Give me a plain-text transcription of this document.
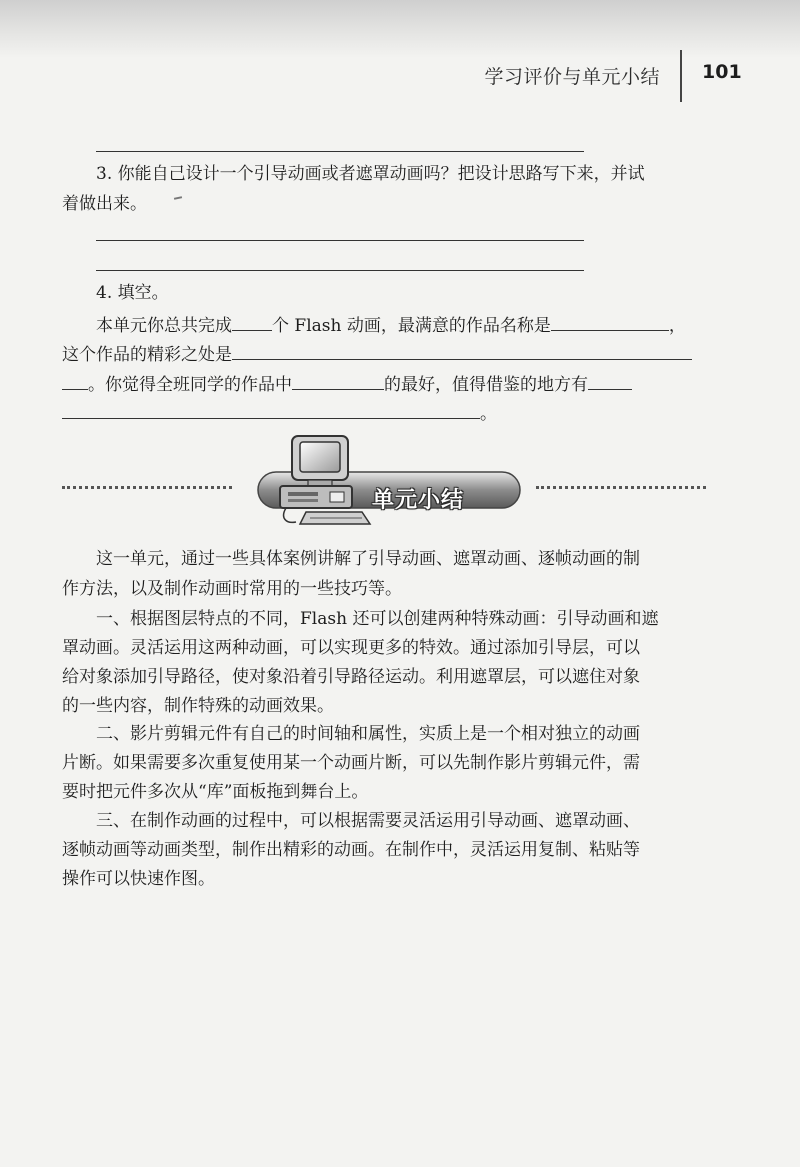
学习评价与单元小结 101
3. 你能自己设计一个引导动画或者遮罩动画吗？把设计思路写下来，并试
着做出来。
4. 填空。
本单元你总共完成 个 Flash 动画，最满意的作品名称是	，
这个作品的精彩之处是
。你觉得全班同学的作品中	的最好，值得借鉴的地方有
。
单元小结
这一单元，通过一些具体案例讲解了引导动画、遮罩动画、逐帧动画的制
作方法，以及制作动画时常用的一些技巧等。
一、根据图层特点的不同，Flash 还可以创建两种特殊动画：引导动画和遮
罩动画。灵活运用这两种动画，可以实现更多的特效。通过添加引导层，可以
给对象添加引导路径，使对象沿着引导路径运动。利用遮罩层，可以遮住对象
的一些内容，制作特殊的动画效果。
二、影片剪辑元件有自己的时间轴和属性，实质上是一个相对独立的动画
片断。如果需要多次重复使用某一个动画片断，可以先制作影片剪辑元件，需
要时把元件多次从“库”面板拖到舞台上。
三、在制作动画的过程中，可以根据需要灵活运用引导动画、遮罩动画、
逐帧动画等动画类型，制作出精彩的动画。在制作中，灵活运用复制、粘贴等
操作可以快速作图。
